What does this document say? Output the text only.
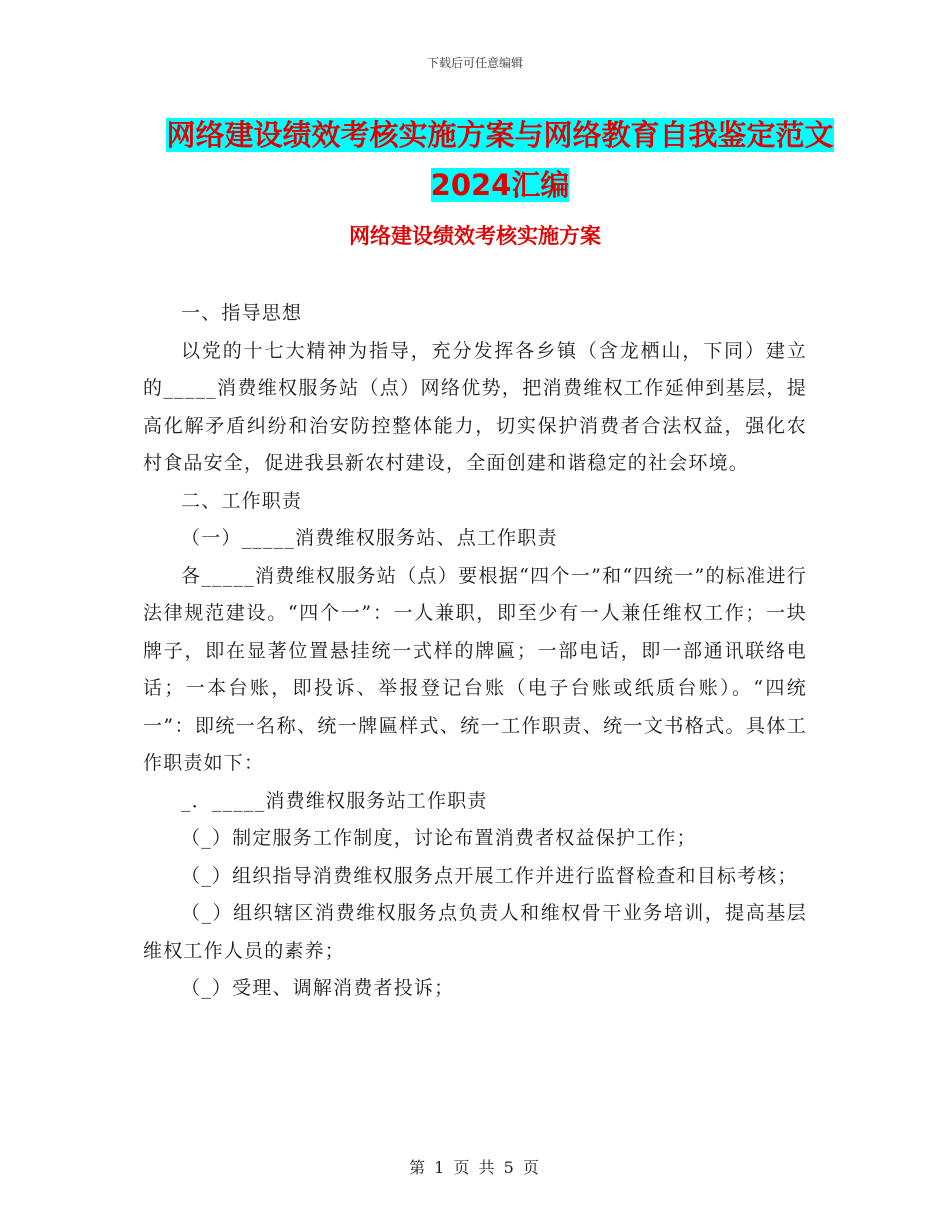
下载后可任意编辑
网络建设绩效考核实施方案与网络教育自我鉴定范文
2024汇编
网络建设绩效考核实施方案

一、指导思想

以党的十七大精神为指导，充分发挥各乡镇（含龙栖山，下同）建立的_____消费维权服务站（点）网络优势，把消费维权工作延伸到基层，提高化解矛盾纠纷和治安防控整体能力，切实保护消费者合法权益，强化农村食品安全，促进我县新农村建设，全面创建和谐稳定的社会环境。

二、工作职责

（一）_____消费维权服务站、点工作职责

各_____消费维权服务站（点）要根据“四个一”和“四统一”的标准进行法律规范建设。“四个一”：一人兼职，即至少有一人兼任维权工作；一块牌子，即在显著位置悬挂统一式样的牌匾；一部电话，即一部通讯联络电话；一本台账，即投诉、举报登记台账（电子台账或纸质台账）。“四统一”：即统一名称、统一牌匾样式、统一工作职责、统一文书格式。具体工作职责如下：

_．_____消费维权服务站工作职责

（_）制定服务工作制度，讨论布置消费者权益保护工作；

（_）组织指导消费维权服务点开展工作并进行监督检查和目标考核；

（_）组织辖区消费维权服务点负责人和维权骨干业务培训，提高基层维权工作人员的素养；

（_）受理、调解消费者投诉；

第 1 页 共 5 页
